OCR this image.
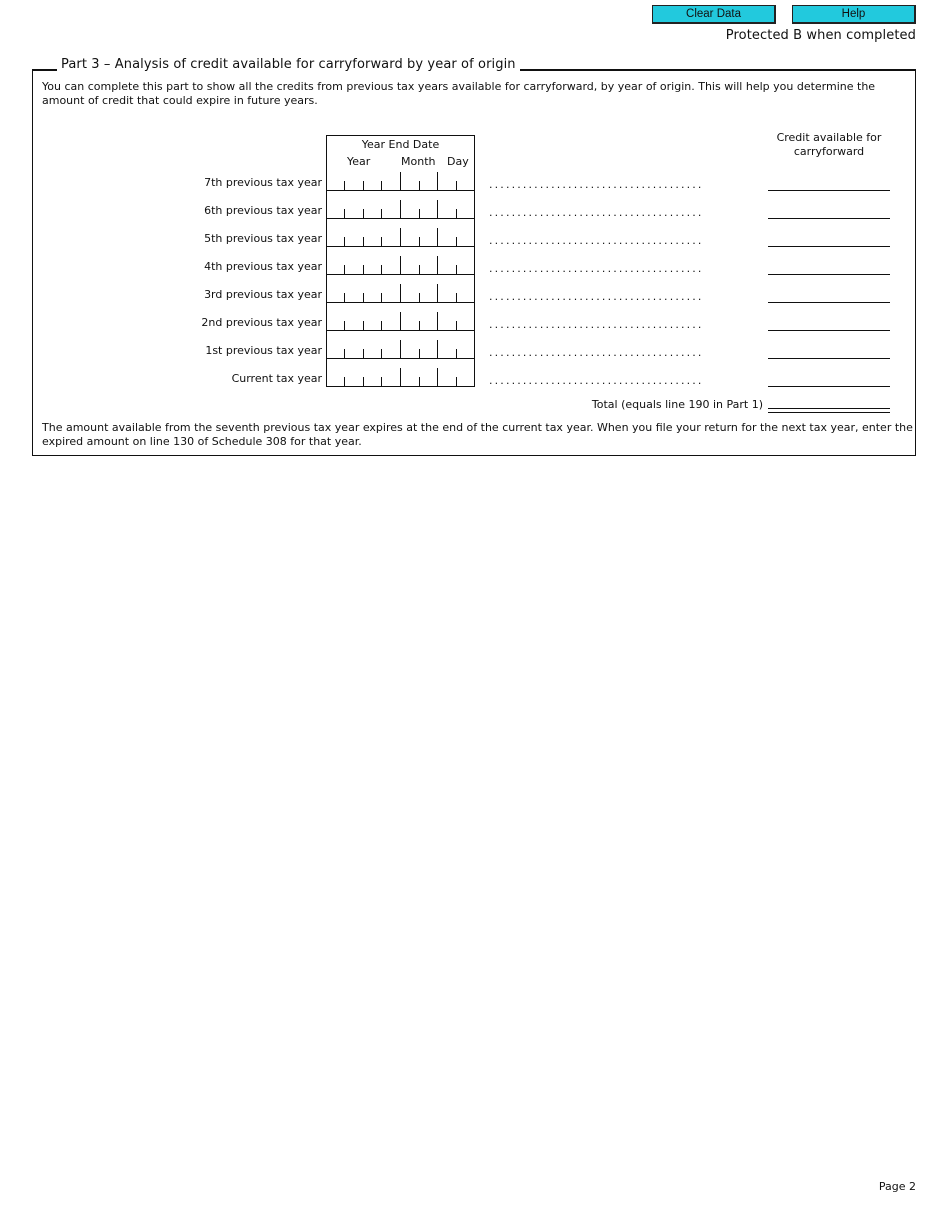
Clear Data	Help
Protected B when completed
Part 3 – Analysis of credit available for carryforward by year of origin
You can complete this part to show all the credits from previous tax years available for carryforward, by year of origin. This will help you determine the amount of credit that could expire in future years.
Year End Date
Year	Month Day
Credit available for carryforward
7th previous tax year	......................................
6th previous tax year	......................................
5th previous tax year	......................................
4th previous tax year	......................................
3rd previous tax year	......................................
2nd previous tax year	......................................
1st previous tax year	......................................
Current tax year	......................................
Total (equals line 190 in Part 1)
The amount available from the seventh previous tax year expires at the end of the current tax year. When you file your return for the next tax year, enter the expired amount on line 130 of Schedule 308 for that year.
Page 2
